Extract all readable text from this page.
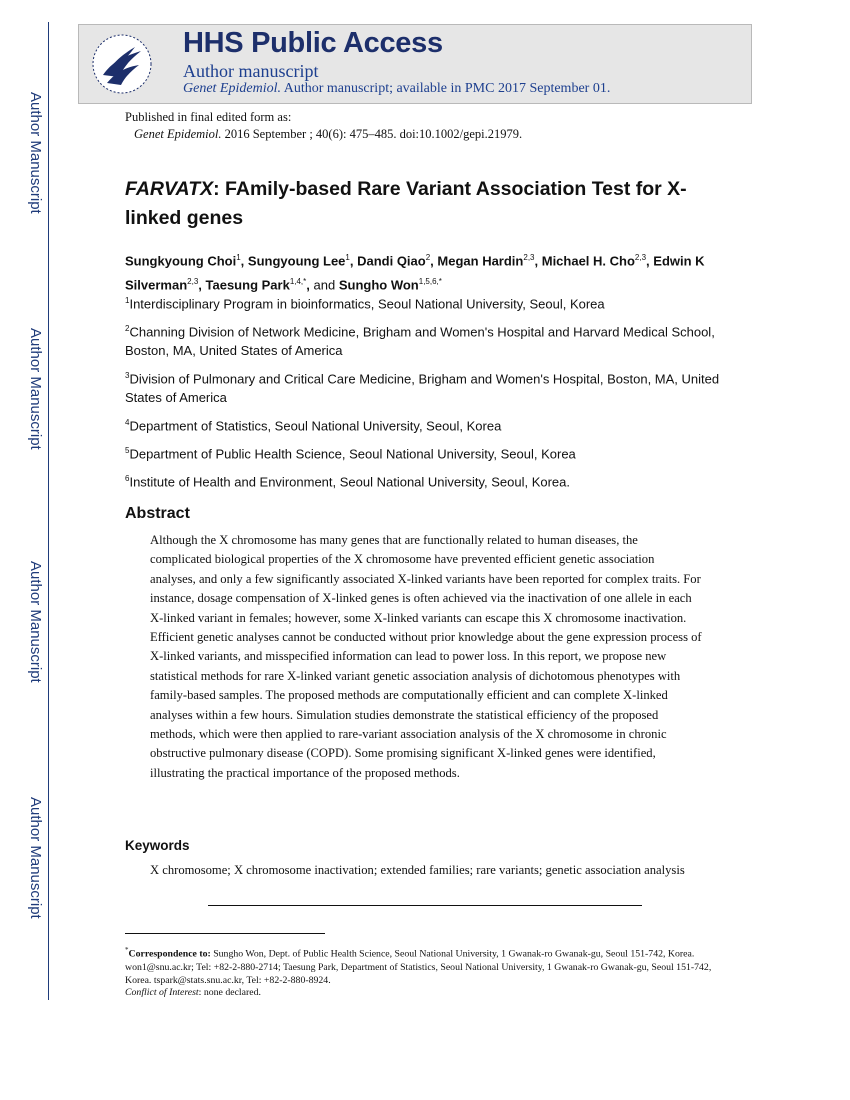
Author Manuscript
Author Manuscript
Author Manuscript
Author Manuscript
HHS Public Access
Author manuscript
Genet Epidemiol. Author manuscript; available in PMC 2017 September 01.
Published in final edited form as:
Genet Epidemiol. 2016 September ; 40(6): 475–485. doi:10.1002/gepi.21979.
FARVATX: FAmily-based Rare Variant Association Test for X-linked genes
Sungkyoung Choi$^1$, Sungyoung Lee$^1$, Dandi Qiao$^2$, Megan Hardin$^{2,3}$, Michael H. Cho$^{2,3}$, Edwin K Silverman$^{2,3}$, Taesung Park$^{1,4,*}$, and Sungho Won$^{1,5,6,*}$
$^1$Interdisciplinary Program in bioinformatics, Seoul National University, Seoul, Korea
$^2$Channing Division of Network Medicine, Brigham and Women's Hospital and Harvard Medical School, Boston, MA, United States of America
$^3$Division of Pulmonary and Critical Care Medicine, Brigham and Women's Hospital, Boston, MA, United States of America
$^4$Department of Statistics, Seoul National University, Seoul, Korea
$^5$Department of Public Health Science, Seoul National University, Seoul, Korea
$^6$Institute of Health and Environment, Seoul National University, Seoul, Korea.
Abstract
Although the X chromosome has many genes that are functionally related to human diseases, the complicated biological properties of the X chromosome have prevented efficient genetic association analyses, and only a few significantly associated X-linked variants have been reported for complex traits. For instance, dosage compensation of X-linked genes is often achieved via the inactivation of one allele in each X-linked variant in females; however, some X-linked variants can escape this X chromosome inactivation. Efficient genetic analyses cannot be conducted without prior knowledge about the gene expression process of X-linked variants, and misspecified information can lead to power loss. In this report, we propose new statistical methods for rare X-linked variant genetic association analysis of dichotomous phenotypes with family-based samples. The proposed methods are computationally efficient and can complete X-linked analyses within a few hours. Simulation studies demonstrate the statistical efficiency of the proposed methods, which were then applied to rare-variant association analysis of the X chromosome in chronic obstructive pulmonary disease (COPD). Some promising significant X-linked genes were identified, illustrating the practical importance of the proposed methods.
Keywords
X chromosome; X chromosome inactivation; extended families; rare variants; genetic association analysis
*Correspondence to: Sungho Won, Dept. of Public Health Science, Seoul National University, 1 Gwanak-ro Gwanak-gu, Seoul 151-742, Korea. won1@snu.ac.kr; Tel: +82-2-880-2714; Taesung Park, Department of Statistics, Seoul National University, 1 Gwanak-ro Gwanak-gu, Seoul 151-742, Korea. tspark@stats.snu.ac.kr, Tel: +82-2-880-8924.
Conflict of Interest: none declared.
